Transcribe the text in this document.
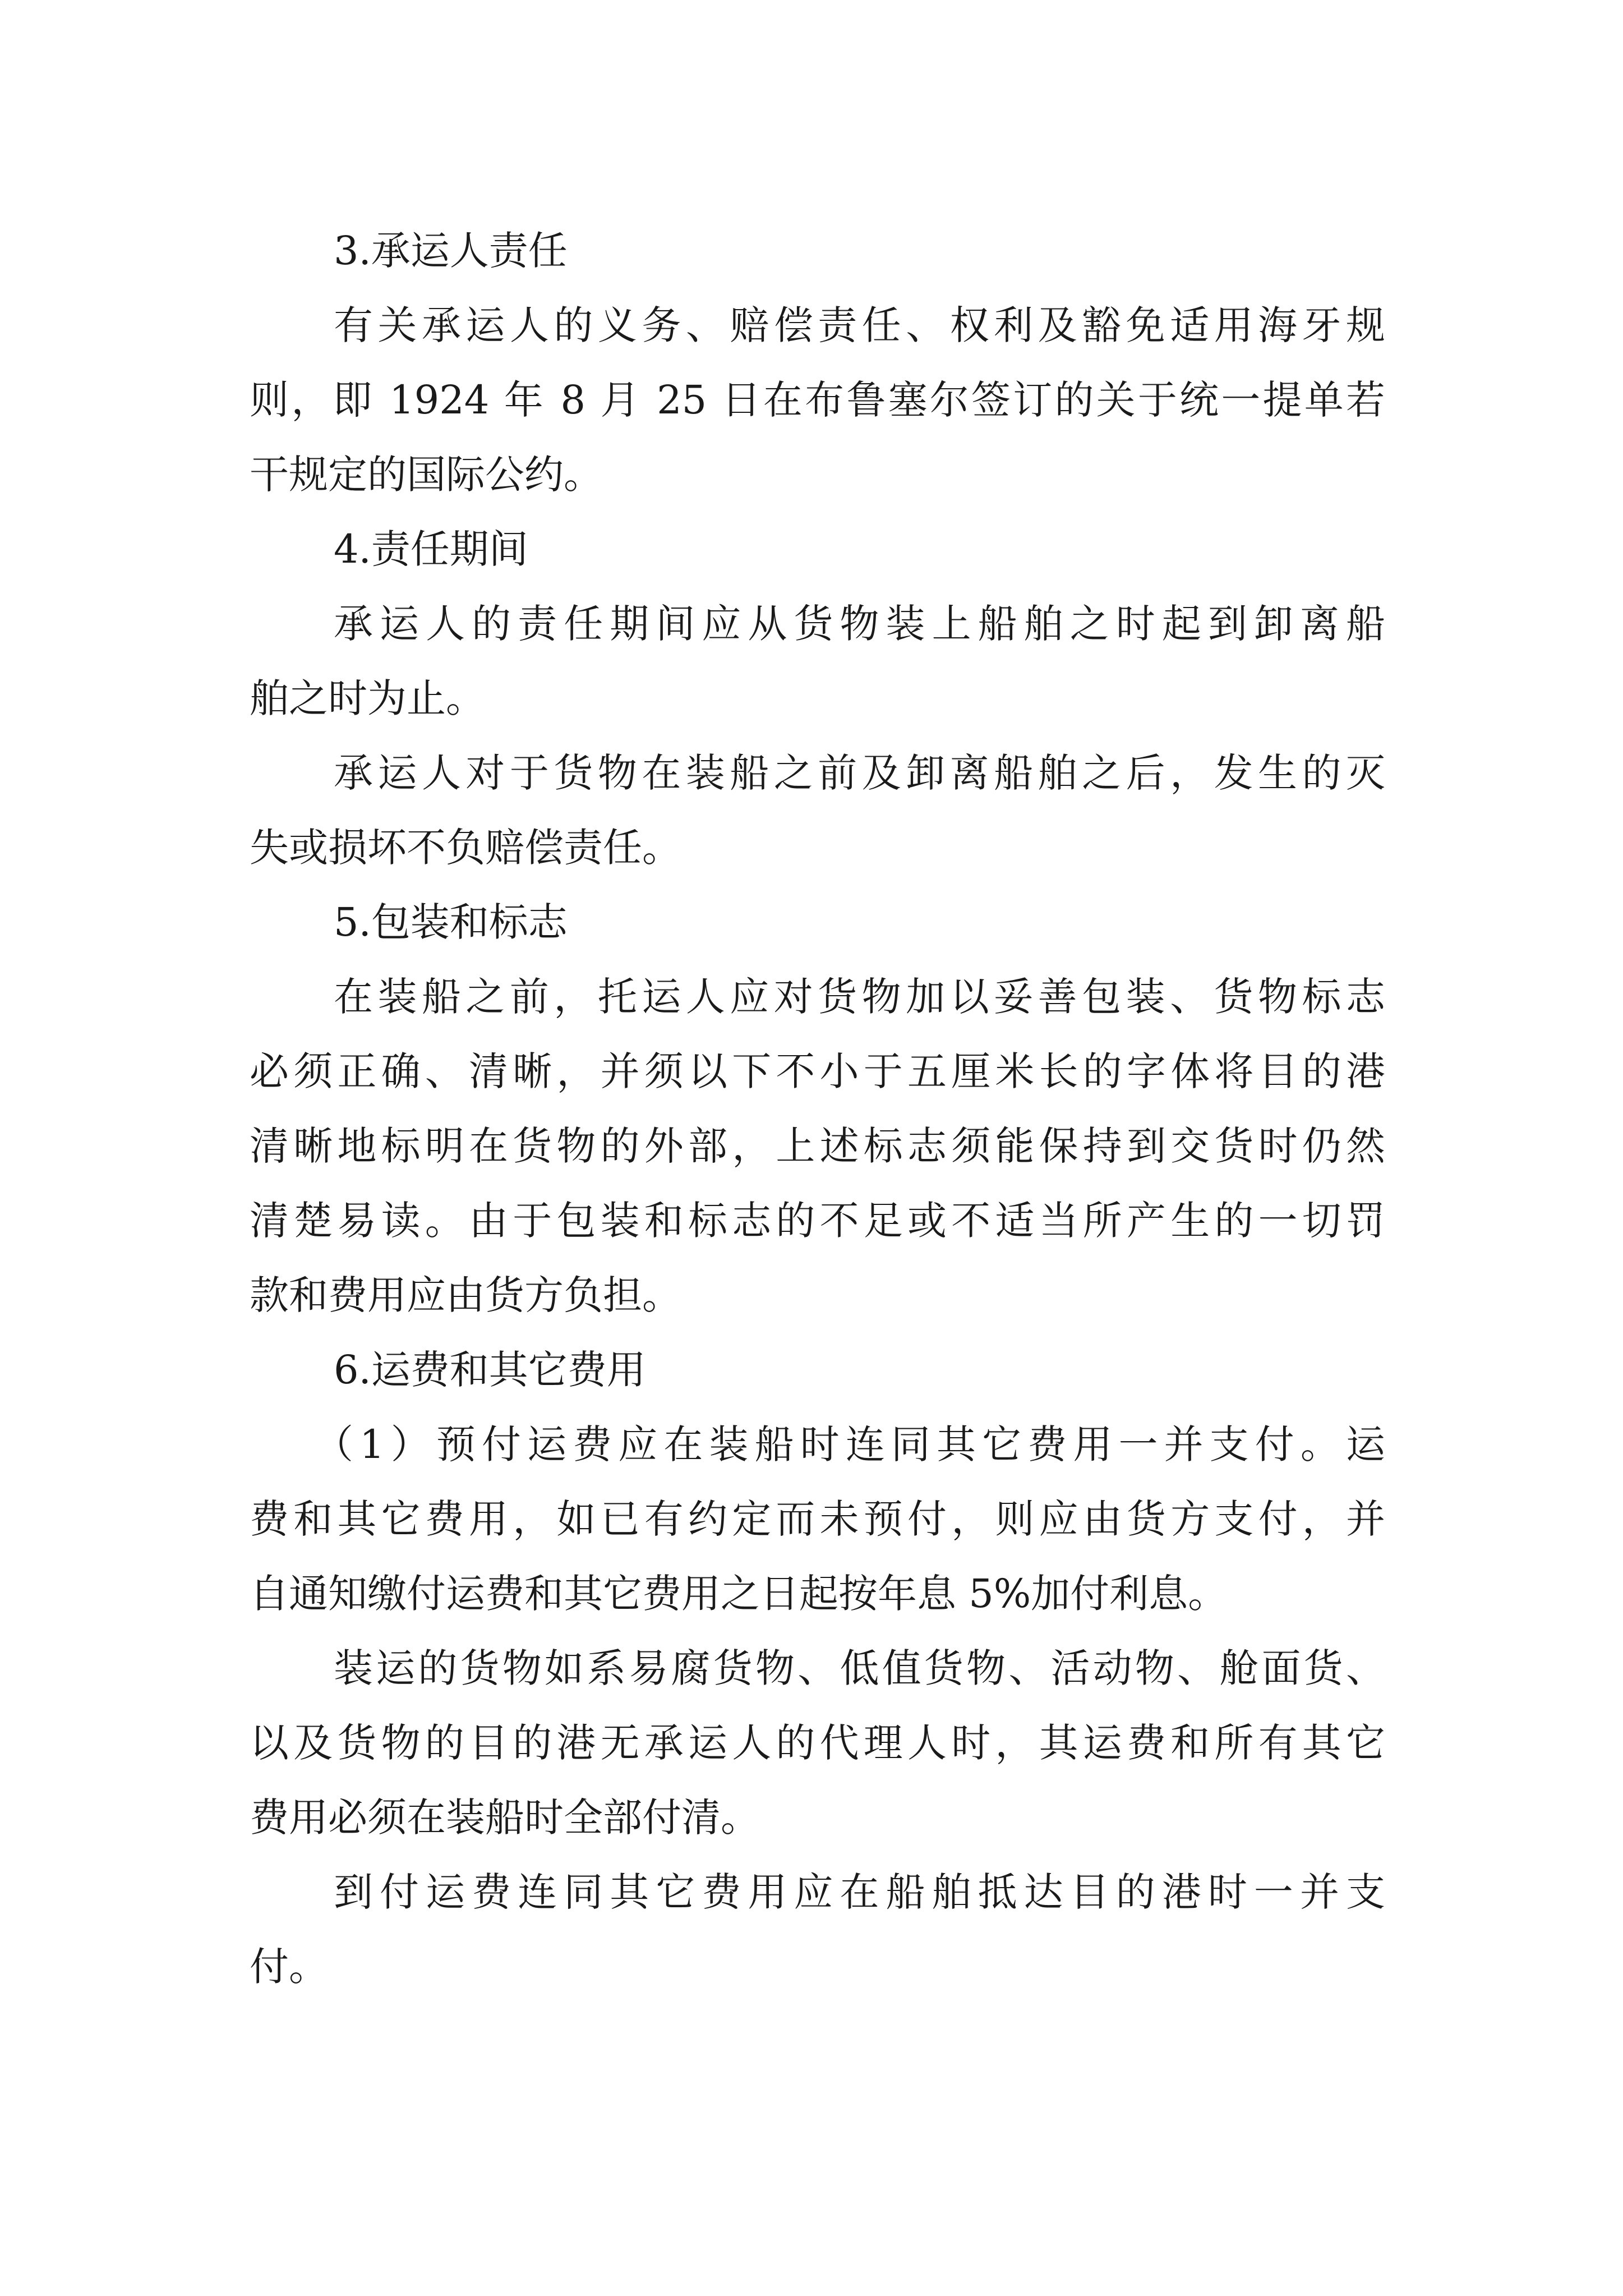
3.承运人责任

有关承运人的义务、赔偿责任、权利及豁免适用海牙规

则，即 1924 年 8 月 25 日在布鲁塞尔签订的关于统一提单若

干规定的国际公约。

4.责任期间

承运人的责任期间应从货物装上船舶之时起到卸离船

舶之时为止。

承运人对于货物在装船之前及卸离船舶之后，发生的灭

失或损坏不负赔偿责任。

5.包装和标志

在装船之前，托运人应对货物加以妥善包装、货物标志

必须正确、清晰，并须以下不小于五厘米长的字体将目的港

清晰地标明在货物的外部，上述标志须能保持到交货时仍然

清楚易读。由于包装和标志的不足或不适当所产生的一切罚

款和费用应由货方负担。

6.运费和其它费用

（1）预付运费应在装船时连同其它费用一并支付。运

费和其它费用，如已有约定而未预付，则应由货方支付，并

自通知缴付运费和其它费用之日起按年息 5%加付利息。

装运的货物如系易腐货物、低值货物、活动物、舱面货、

以及货物的目的港无承运人的代理人时，其运费和所有其它

费用必须在装船时全部付清。

到付运费连同其它费用应在船舶抵达目的港时一并支

付。
